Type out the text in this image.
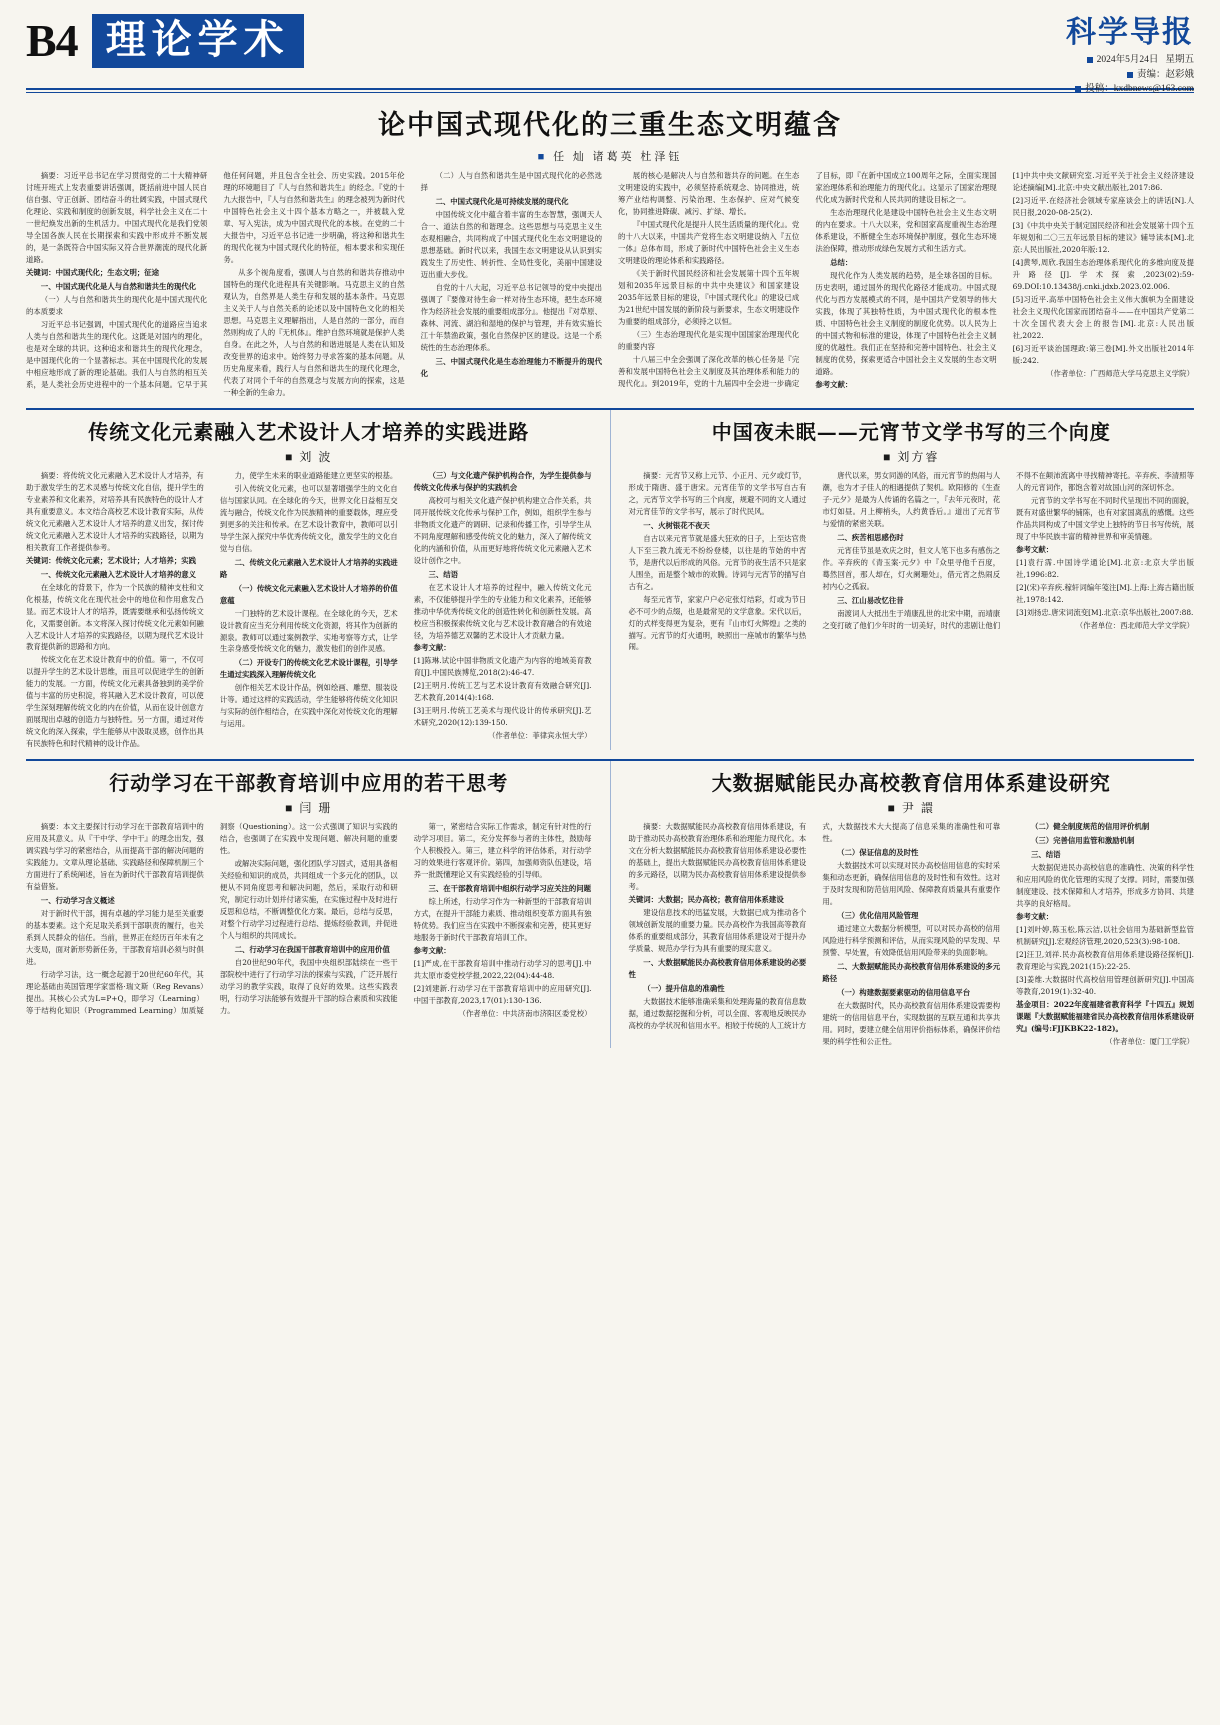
B4 理论学术	科学导报
2024年5月24日 星期五
责编：赵彩娥
投稿：kxdbnews@163.com
论中国式现代化的三重生态文明蕴含
■ 任 灿 诸葛英 杜泽钰

摘要：习近平总书记在学习贯彻党的二十大精神研讨班开班式上发表重要讲话强调，既括前进中国人民自信自强、守正创新、团结奋斗的壮阔实践，中国式现代化理论、实践和制度的创新发展，科学社会主义在二十一世纪焕发出新的生机活力。中国式现代化是我们党领导全国各族人民在长期探索和实践中形成并不断发展的，是一条既符合中国实际又符合世界潮流的现代化新道路。

关键词：中国式现代化；生态文明；征途

一、中国式现代化是人与自然和谐共生的现代化

（一）人与自然和谐共生的现代化是中国式现代化的本质要求

习近平总书记强调，中国式现代化的道路应当追求人类与自然和谐共生的现代化。这既是对国内的理化，也是对全球的共识。这种追求和谐共生的现代化理念，是中国现代化的一个显著标志。其在中国现代化的发展中相应地形成了新的理论基础。我们人与自然的相互关系，是人类社会历史进程中的一个基本问题。它早于其他任何问题，并且包含全社会、历史实践。2015年伦理的环境题目了『人与自然和谐共生』的经念。『党的十九大报告中，『人与自然和谐共生』的理念被列为新时代中国特色社会主义十四个基本方略之一，并被载入党章、写入宪法，成为中国式现代化的本核。在党的二十大报告中，习近平总书记进一步明确，将这种和谐共生的现代化视为中国式现代化的特征，相本要求和实现任务。

从多个视角度看，强调人与自然的和谐共存推动中国特色的现代化进程具有关键影响。马克思主义的自然观认为，自然界是人类生存和发展的基本条件。马克思主义关于人与自然关系的论述以及中国特色文化的相关思想。马克思主义理解指出，人是自然的一部分，而自然则构成了人的『无机体』。维护自然环境就是保护人类自身。在此之外，人与自然的和谐进展是人类在认知及改变世界的追求中。始终努力寻求答案的基本问题。从历史角度来看，践行人与自然和谐共生的现代化理念，代表了对同个千年的自然观念与发展方向的探索，这是一种全新的生命力。

（二）人与自然和谐共生是中国式现代化的必然选择

二、中国式现代化是可持续发展的现代化

中国传统文化中蕴含着丰富的生态智慧，强调天人合一、道法自然的和谐理念。这些思想与马克思主义生态观相融合，共同构成了中国式现代化生态文明建设的思想基础。新时代以来，我国生态文明建设从认识到实践发生了历史性、转折性、全局性变化，美丽中国建设迈出重大步伐。

自党的十八大起，习近平总书记领导的党中央提出强调了『要像对待生命一样对待生态环境，把生态环境作为经济社会发展的重要组成部分』。他提出『对草原、森林、河流、湖泊和湿地的保护与管理，并有效实施长江十年禁渔政策，强化自然保护区的建设。这是一个系统性的生态治理体系。

三、中国式现代化是生态治理能力不断提升的现代化

展的核心是解决人与自然和谐共存的问题。在生态文明建设的实践中，必须坚持系统观念、协同推进，统筹产业结构调整、污染治理、生态保护、应对气候变化，协同推进降碳、减污、扩绿、增长。

『中国式现代化是提升人民生活质量的现代化』。党的十八大以来，中国共产党将生态文明建设纳入『五位一体』总体布局，形成了新时代中国特色社会主义生态文明建设的理论体系和实践路径。

《关于新时代国民经济和社会发展第十四个五年规划和2035年远景目标的中共中央建议》和国家建设2035年远景目标的建设，『中国式现代化』的建设已成为21世纪中国发展的新阶段与新要求，生态文明建设作为重要的组成部分，必须持之以恒。

（三）生态治理现代化是实现中国国家治理现代化的重要内容

十八届三中全会强调了深化改革的核心任务是『完善和发展中国特色社会主义制度及其治理体系和能力的现代化』。到2019年，党的十九届四中全会进一步确定了目标，即『在新中国成立100周年之际，全面实现国家治理体系和治理能力的现代化』。这显示了国家治理现代化成为新时代党和人民共同的建设目标之一。

生态治理现代化是建设中国特色社会主义生态文明的内在要求。十八大以来，党和国家高度重视生态治理体系建设，不断健全生态环境保护制度，强化生态环境法治保障，推动形成绿色发展方式和生活方式。

总结：

现代化作为人类发展的趋势，是全球各国的目标。历史表明，通过国外的现代化路径才能成功。中国式现代化与西方发展模式的不同，是中国共产党领导的伟大实践，体现了其独特性质，为中国式现代化的根本性质、中国特色社会主义制度的制度化优势。以人民为上的中国式物和标准的建设，体现了中国特色社会主义制度的优越性。我们正在坚持和完善中国特色、社会主义制度的优势，探索更适合中国社会主义发展的生态文明道路。

参考文献：

[1]中共中央文献研究室.习近平关于社会主义经济建设论述摘编[M].北京:中央文献出版社,2017:86.

[2]习近平.在经济社会领域专家座谈会上的讲话[N].人民日报,2020-08-25(2).

[3]《中共中央关于制定国民经济和社会发展第十四个五年规划和二〇三五年远景目标的建议》辅导读本[M].北京:人民出版社,2020年版:12.

[4]黄琴,周欣.我国生态治理体系现代化的多维向度及提升路径[J].学术探索,2023(02):59-69.DOI:10.13438/j.cnki.jdxb.2023.02.006.

[5]习近平.高举中国特色社会主义伟大旗帜为全面建设社会主义现代化国家而团结奋斗——在中国共产党第二十次全国代表大会上的报告[M].北京:人民出版社,2022.

[6]习近平谈治国理政:第三卷[M].外文出版社2014年版:242.

（作者单位：广西师范大学马克思主义学院）

传统文化元素融入艺术设计人才培养的实践进路
■ 刘 波

摘要：将传统文化元素融入艺术设计人才培养，有助于激发学生的艺术灵感与传统文化自信，提升学生的专业素养和文化素养，对培养具有民族特色的设计人才具有重要意义。本文结合高校艺术设计教育实际，从传统文化元素融入艺术设计人才培养的意义出发，探讨传统文化元素融入艺术设计人才培养的实践路径，以期为相关教育工作者提供参考。

关键词：传统文化元素；艺术设计；人才培养；实践

一、传统文化元素融入艺术设计人才培养的意义

在全球化的背景下，作为一个民族的精神支柱和文化根基，传统文化在现代社会中的地位和作用愈发凸显。而艺术设计人才的培养，既需要继承和弘扬传统文化，又需要创新。本文将深入探讨传统文化元素如何融入艺术设计人才培养的实践路径，以期为现代艺术设计教育提供新的思路和方向。

传统文化在艺术设计教育中的价值。第一，不仅可以提升学生的艺术设计思维，而且可以促进学生的创新能力的发展。一方面，传统文化元素具备独到的美学价值与丰富的历史积淀，将其融入艺术设计教育，可以使学生深刻理解传统文化的内在价值，从而在设计创意方面展现出卓越的创造力与独特性。另一方面，通过对传统文化的深入探索，学生能够从中汲取灵感，创作出具有民族特色和时代精神的设计作品。

力，使学生未来的职业道路能建立更坚实的根基。

引入传统文化元素，也可以显著增强学生的文化自信与国家认同。在全球化的今天，世界文化日益相互交流与融合，传统文化作为民族精神的重要载体，理应受到更多的关注和传承。在艺术设计教育中，教师可以引导学生深入探究中华优秀传统文化，激发学生的文化自觉与自信。

二、传统文化元素融入艺术设计人才培养的实践进路
（一）传统文化元素融入艺术设计人才培养的价值意蕴

一门独特的艺术设计课程。在全球化的今天，艺术设计教育应当充分利用传统文化资源，将其作为创新的源泉。教师可以通过案例教学、实地考察等方式，让学生亲身感受传统文化的魅力，激发他们的创作灵感。

（二）开设专门的传统文化艺术设计课程，引导学生通过实践深入理解传统文化

创作相关艺术设计作品，例如绘画、雕塑、服装设计等。通过这样的实践活动，学生能够将传统文化知识与实际的创作相结合，在实践中深化对传统文化的理解与运用。

（三）与文化遗产保护机构合作，为学生提供参与传统文化传承与保护的实践机会

高校可与相关文化遗产保护机构建立合作关系，共同开展传统文化传承与保护工作，例如，组织学生参与非物质文化遗产的调研、记录和传播工作，引导学生从不同角度理解和感受传统文化的魅力，深入了解传统文化的内涵和价值，从而更好地将传统文化元素融入艺术设计创作之中。

三、结语

在艺术设计人才培养的过程中，融入传统文化元素，不仅能够提升学生的专业能力和文化素养，还能够推动中华优秀传统文化的创造性转化和创新性发展。高校应当积极探索传统文化与艺术设计教育融合的有效途径，为培养德艺双馨的艺术设计人才贡献力量。

参考文献：

[1]陈琳.试论中国非物质文化遗产为内容的地域美育教育[J].中国民族博览,2018(2):46-47.

[2]王明月.传统工艺与艺术设计教育有效融合研究[J].艺术教育,2014(4):168.

[3]王明月.传统工艺美术与现代设计的传承研究[J].艺术研究,2020(12):139-150.

（作者单位：菲律宾永恒大学）

中国夜未眠——元宵节文学书写的三个向度
■ 刘方睿

摘要：元宵节又称上元节、小正月、元夕或灯节，形成于隋唐、盛于唐宋。元宵佳节的文学书写自古有之，元宵节文学书写的三个向度，规避不同的文人通过对元宵佳节的文学书写，展示了时代民风。

一、火树银花不夜天

自古以来元宵节就是盛大狂欢的日子，上至达官贵人下至三教九流无不纷纷登楼，以往是的节始的中宵节，是唐代以后形成的风俗。元宵节的夜生活不只是家人围坐，而是整个城市的欢腾。诗词与元宵节的描写自古有之。

每至元宵节，家家户户必定张灯结彩，灯或为节日必不可少的点缀，也是最常见的文学意象。宋代以后，灯的式样变得更为复杂，更有『山市灯火辉煌』之类的描写。元宵节的灯火通明，映照出一座城市的繁华与热闹。

唐代以来，男女同游的风俗，而元宵节的热闹与人潮，也为才子佳人的相遇提供了契机。欧阳修的《生查子·元夕》是最为人传诵的名篇之一，『去年元夜时，花市灯如昼。月上柳梢头，人约黄昏后。』道出了元宵节与爱情的紧密关联。

二、疾苦相思感伤时

元宵佳节虽是欢庆之时，但文人笔下也多有感伤之作。辛弃疾的《青玉案·元夕》中『众里寻他千百度，蓦然回首，那人却在，灯火阑珊处』，借元宵之热闹反衬内心之孤寂。

三、江山易改忆往昔

南渡词人大抵出生于靖康乱世的北宋中期，而靖康之变打破了他们少年时的一切美好，时代的悲剧让他们不得不在颠沛流离中寻找精神寄托。辛弃疾、李清照等人的元宵词作，都饱含着对故国山河的深切怀念。

元宵节的文学书写在不同时代呈现出不同的面貌，既有对盛世繁华的铺陈，也有对家国离乱的感慨。这些作品共同构成了中国文学史上独特的节日书写传统，展现了中华民族丰富的精神世界和审美情趣。

参考文献：

[1]袁行霈.中国诗学通论[M].北京:北京大学出版社,1996:82.

[2](宋)辛弃疾.稼轩词编年笺注[M].上海:上海古籍出版社,1978:142.

[3]刘扬忠.唐宋词流变[M].北京:京华出版社,2007:88.

（作者单位：西北师范大学文学院）

行动学习在干部教育培训中应用的若干思考
■ 闫 珊

摘要：本文主要探讨行动学习在干部教育培训中的应用及其意义。从『干中学、学中干』的理念出发，强调实践与学习的紧密结合，从而提高干部的解决问题的实践能力。文章从理论基础、实践路径和保障机制三个方面进行了系统阐述，旨在为新时代干部教育培训提供有益借鉴。

一、行动学习含义概述

对于新时代干部，拥有卓越的学习能力是至关重要的基本要素。这个充足取关系到干部职责的履行，也关系到人民群众的信任。当前，世界正在经历百年未有之大变局，面对新形势新任务，干部教育培训必须与时俱进。

行动学习法，这一概念起源于20世纪60年代，其理论基础由英国管理学家雷格·瑞文斯（Reg Revans）提出。其核心公式为L=P+Q，即学习（Learning）等于结构化知识（Programmed Learning）加质疑洞察（Questioning）。这一公式强调了知识与实践的结合，也强调了在实践中发现问题、解决问题的重要性。

或解决实际问题，强化团队学习固式，适用具备相关经验和知识的成员，共同组成一个多元化的团队，以便从不同角度思考和解决问题，然后，采取行动和研究，制定行动计划并付诸实施，在实施过程中及时进行反思和总结，不断调整优化方案。最后，总结与反思，对整个行动学习过程进行总结、提炼经验教训，并促进个人与组织的共同成长。

二、行动学习在我国干部教育培训中的应用价值

自20世纪90年代，我国中央组织部陆续在一些干部院校中进行了行动学习法的探索与实践，广泛开展行动学习的教学实践，取得了良好的效果。这些实践表明，行动学习法能够有效提升干部的综合素质和实践能力。

第一，紧密结合实际工作需求，制定有针对性的行动学习项目。第二，充分发挥参与者的主体性，鼓励每个人积极投入。第三，建立科学的评估体系，对行动学习的效果进行客观评价。第四，加强师资队伍建设，培养一批既懂理论又有实践经验的引导师。

三、在干部教育培训中组织行动学习应关注的问题

综上所述，行动学习作为一种新型的干部教育培训方式，在提升干部能力素质、推动组织变革方面具有独特优势。我们应当在实践中不断探索和完善，使其更好地服务于新时代干部教育培训工作。

参考文献：

[1]严成,在干部教育培训中推动行动学习的思考[J].中共太原市委党校学报,2022,22(04):44-48.

[2]刘建新.行动学习在干部教育培训中的应用研究[J].中国干部教育,2023,17(01):130-136.

（作者单位：中共济南市济阳区委党校）

大数据赋能民办高校教育信用体系建设研究
■ 尹 譞

摘要：大数据赋能民办高校教育信用体系建设，有助于推动民办高校教育治理体系和治理能力现代化。本文在分析大数据赋能民办高校教育信用体系建设必要性的基础上，提出大数据赋能民办高校教育信用体系建设的多元路径，以期为民办高校教育信用体系建设提供参考。

关键词：大数据；民办高校；教育信用体系建设

建设信息技术的迅猛发展，大数据已成为推动各个领域创新发展的重要力量。民办高校作为我国高等教育体系的重要组成部分，其教育信用体系建设对于提升办学质量、规范办学行为具有重要的现实意义。

一、大数据赋能民办高校教育信用体系建设的必要性
（一）提升信息的准确性

大数据技术能够准确采集和处理海量的教育信息数据，通过数据挖掘和分析，可以全面、客观地反映民办高校的办学状况和信用水平。相较于传统的人工统计方式，大数据技术大大提高了信息采集的准确性和可靠性。

（二）保证信息的及时性

大数据技术可以实现对民办高校信用信息的实时采集和动态更新，确保信用信息的及时性和有效性。这对于及时发现和防范信用风险、保障教育质量具有重要作用。

（三）优化信用风险管理

通过建立大数据分析模型，可以对民办高校的信用风险进行科学预测和评估，从而实现风险的早发现、早预警、早处置，有效降低信用风险带来的负面影响。

二、大数据赋能民办高校教育信用体系建设的多元路径
（一）构建数据要素驱动的信用信息平台

在大数据时代，民办高校教育信用体系建设需要构建统一的信用信息平台，实现数据的互联互通和共享共用。同时，要建立健全信用评价指标体系，确保评价结果的科学性和公正性。

（二）健全制度规范的信用评价机制
（三）完善信用监管和激励机制
三、结语

大数据促进民办高校信息的准确性、决策的科学性和应用风险的优化管理的实现了支撑。同时，需要加强制度建设、技术保障和人才培养，形成多方协同、共建共享的良好格局。

参考文献：

[1]刘叶婷,陈玉松,陈云洁,以社会信用为基础新型监管机制研究[J].宏观经济管理,2020,523(3):98-108.

[2]汪卫,刘祥.民办高校教育信用体系建设路径探析[J].教育理论与实践,2021(15):22-25.

[3]姜维.大数据时代高校信用管理创新研究[J].中国高等教育,2019(1):32-40.

基金项目：2022年度福建省教育科学『十四五』规划课题『大数据赋能福建省民办高校教育信用体系建设研究』(编号:FJJKBK22-182)。

（作者单位：厦门工学院）
